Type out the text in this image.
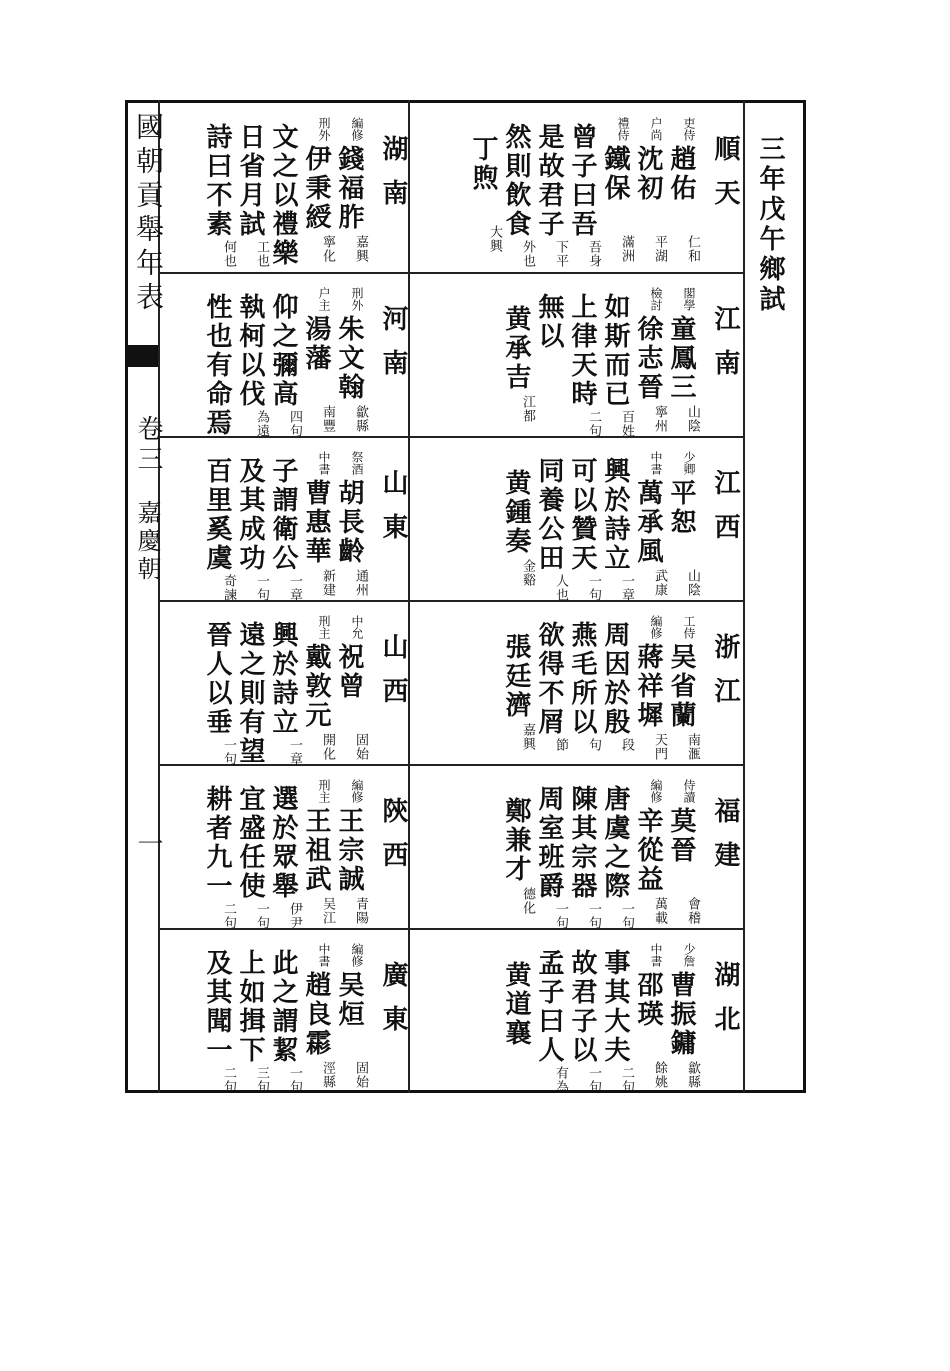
國朝貢舉年表
卷三
嘉慶朝
一
三年戊午鄉試
順天
吏侍
趙佑
仁和
户尚
沈初
平湖
禮侍
鐵保
滿洲
曾子曰吾
吾身
是故君子
下平
然則飲食
外也
丁煦
大興
江南
閣學
童鳳三
山陰
檢討
徐志晉
寧州
如斯而已
百姓
上律天時
二句
無以
黄承吉
江都
江西
少卿
平恕
山陰
中書
萬承風
武康
興於詩立
一章
可以贊天
一句
同養公田
人也
黄鍾奏
金谿
浙江
工侍
吴省蘭
南滙
編修
蔣祥墀
天門
周因於殷
段
燕毛所以
句
欲得不屑
節
張廷濟
嘉興
福建
侍讀
莫晉
會稽
編修
辛從益
萬載
唐虞之際
一句
陳其宗器
一句
周室班爵
一句
鄭兼才
德化
湖北
少詹
曹振鏞
歙縣
中書
邵瑛
餘姚
事其大夫
二句
故君子以
一句
孟子曰人
有為
黄道襄
湖南
編修
錢福胙
嘉興
刑外
伊秉綬
寧化
文之以禮樂
日省月試
工也
詩曰不素
何也
河南
刑外
朱文翰
歙縣
户主
湯藩
南豐
仰之彌高
四句
執柯以伐
為遠
性也有命焉
山東
祭酒
胡長齡
通州
中書
曹惠華
新建
子謂衛公
一章
及其成功
一句
百里奚虞
奇諫
山西
中允
祝曾
固始
刑主
戴敦元
開化
興於詩立
一章
遠之則有望
晉人以垂
一句
陝西
編修
王宗誠
青陽
刑主
王祖武
吴江
選於眾舉
伊尹
宜盛任使
一句
耕者九一
二句
廣東
編修
吴烜
固始
中書
趙良霦
涇縣
此之謂絜
一句
上如揖下
三句
及其聞一
二句
